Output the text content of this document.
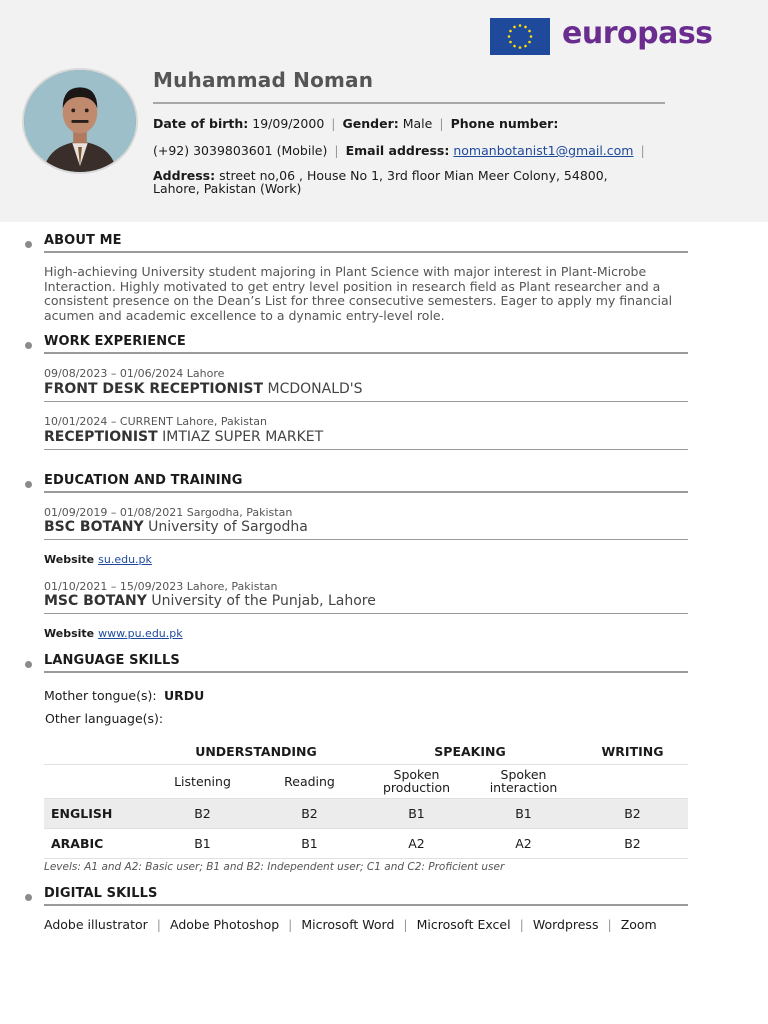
europass
Muhammad Noman
Date of birth: 19/09/2000 | Gender: Male | Phone number:
(+92) 3039803601 (Mobile) | Email address: nomanbotanist1@gmail.com |
Address: street no,06 , House No 1, 3rd floor Mian Meer Colony, 54800, Lahore, Pakistan (Work)
ABOUT ME
High-achieving University student majoring in Plant Science with major interest in Plant-Microbe Interaction. Highly motivated to get entry level position in research field as Plant researcher and a consistent presence on the Dean’s List for three consecutive semesters. Eager to apply my financial acumen and academic excellence to a dynamic entry-level role.
WORK EXPERIENCE
09/08/2023 – 01/06/2024 Lahore
FRONT DESK RECEPTIONIST MCDONALD'S
10/01/2024 – CURRENT Lahore, Pakistan
RECEPTIONIST IMTIAZ SUPER MARKET
EDUCATION AND TRAINING
01/09/2019 – 01/08/2021 Sargodha, Pakistan
BSC BOTANY University of Sargodha
Website su.edu.pk
01/10/2021 – 15/09/2023 Lahore, Pakistan
MSC BOTANY University of the Punjab, Lahore
Website www.pu.edu.pk
LANGUAGE SKILLS
Mother tongue(s): URDU
Other language(s):
	UNDERSTANDING		SPEAKING		WRITING
	Listening	Reading	Spoken production	Spoken interaction	
ENGLISH	B2	B2	B1	B1	B2
ARABIC	B1	B1	A2	A2	B2
Levels: A1 and A2: Basic user; B1 and B2: Independent user; C1 and C2: Proficient user
DIGITAL SKILLS
Adobe illustrator | Adobe Photoshop | Microsoft Word | Microsoft Excel | Wordpress | Zoom
